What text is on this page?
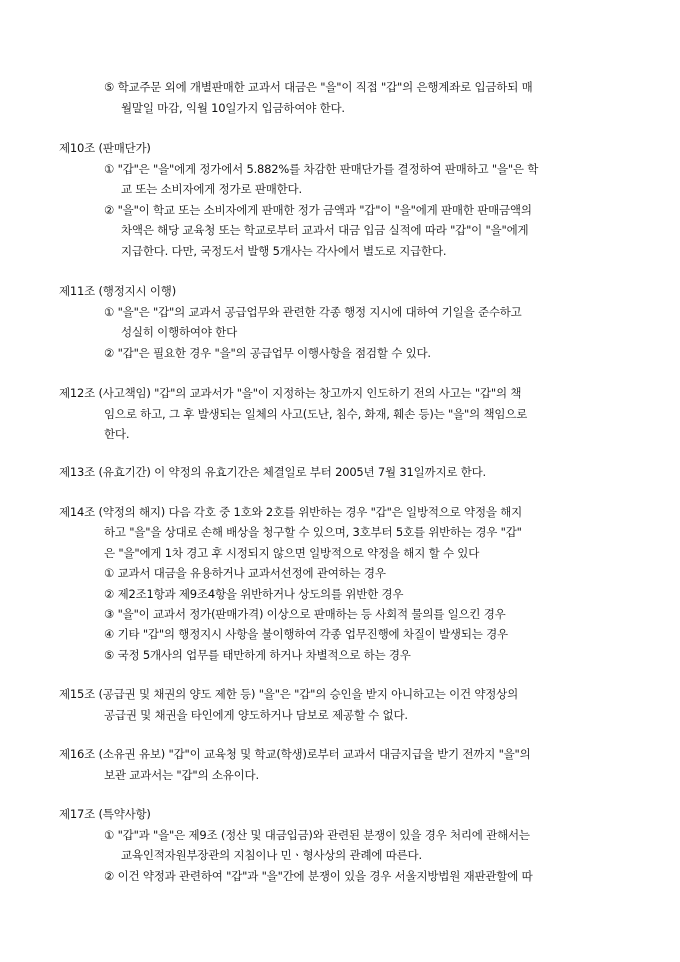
⑤ 학교주문 외에 개별판매한 교과서 대금은 "을"이 직접 "갑"의 은행계좌로 입금하되 매
월말일 마감, 익월 10일가지 입금하여야 한다.
제10조 (판매단가)
① "갑"은 "을"에게 정가에서 5.882%를 차감한 판매단가를 결정하여 판매하고 "을"은 학
교 또는 소비자에게 정가로 판매한다.
② "을"이 학교 또는 소비자에게 판매한 정가 금액과 "갑"이 "을"에게 판매한 판매금액의
차액은 해당 교육청 또는 학교로부터 교과서 대금 입금 실적에 따라 "갑"이 "을"에게
지급한다. 다만, 국정도서 발행 5개사는 각사에서 별도로 지급한다.
제11조 (행정지시 이행)
① "을"은 "갑"의 교과서 공급업무와 관련한 각종 행정 지시에 대하여 기일을 준수하고
성실히 이행하여야 한다
② "갑"은 필요한 경우 "을"의 공급업무 이행사항을 점검할 수 있다.
제12조 (사고책임) "갑"의 교과서가 "을"이 지정하는 창고까지 인도하기 전의 사고는 "갑"의 책
임으로 하고, 그 후 발생되는 일체의 사고(도난, 침수, 화재, 훼손 등)는 "을"의 책임으로
한다.
제13조 (유효기간) 이 약정의 유효기간은 체결일로 부터 2005년 7월 31일까지로 한다.
제14조 (약정의 해지) 다음 각호 중 1호와 2호를 위반하는 경우 "갑"은 일방적으로 약정을 해지
하고 "을"을 상대로 손해 배상을 청구할 수 있으며, 3호부터 5호를 위반하는 경우 "갑"
은 "을"에게 1차 경고 후 시정되지 않으면 일방적으로 약정을 해지 할 수 있다
① 교과서 대금을 유용하거나 교과서선정에 관여하는 경우
② 제2조1항과 제9조4항을 위반하거나 상도의를 위반한 경우
③ "을"이 교과서 정가(판매가격) 이상으로 판매하는 등 사회적 물의를 일으킨 경우
④ 기타 "갑"의 행정지시 사항을 불이행하여 각종 업무진행에 차질이 발생되는 경우
⑤ 국정 5개사의 업무를 태만하게 하거나 차별적으로 하는 경우
제15조 (공급권 및 채권의 양도 제한 등) "을"은 "갑"의 승인을 받지 아니하고는 이건 약정상의
공급권 및 채권을 타인에게 양도하거나 담보로 제공할 수 없다.
제16조 (소유권 유보) "갑"이 교육청 및 학교(학생)로부터 교과서 대금지급을 받기 전까지 "을"의
보관 교과서는 "갑"의 소유이다.
제17조 (특약사항)
① "갑"과 "을"은 제9조 (정산 및 대금입금)와 관련된 분쟁이 있을 경우 처리에 관해서는
교육인적자원부장관의 지침이나 민ㆍ형사상의 관례에 따른다.
② 이건 약정과 관련하여 "갑"과 "을"간에 분쟁이 있을 경우 서울지방법원 재판관할에 따
